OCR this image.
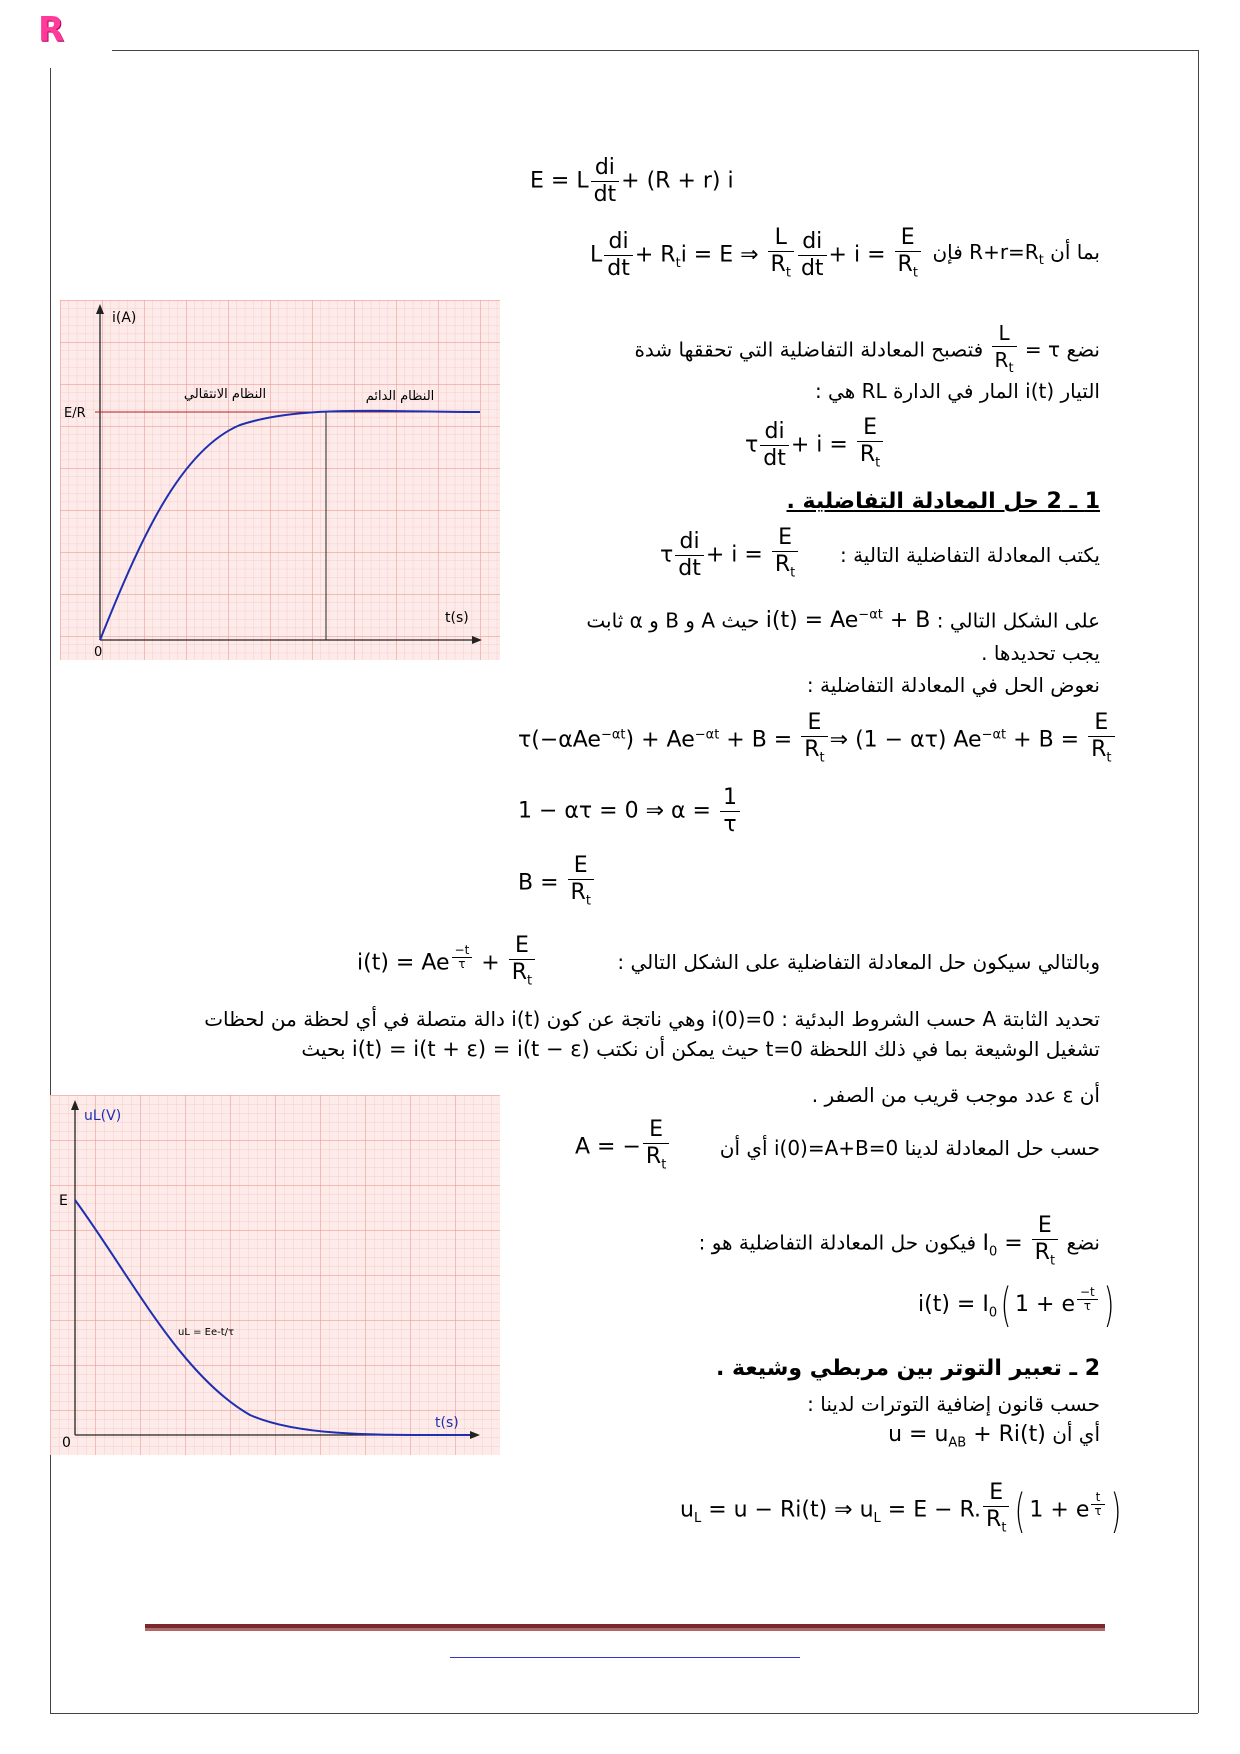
R
E = L $\frac{di}{dt} + (R + r)$ i
بما أن $R+r=R_t$ فإن
L $\frac{di}{dt} + R_ti = E$ ⇒ $\frac{L}{R_t} \frac{di}{dt} + i = \frac{E}{R_t}$
نضع τ =
$\frac{L}{R_t}$
فتصبح المعادلة التفاضلية التي تحققها شدة
التيار i(t) المار في الدارة RL هي :
τ $\frac{di}{dt} + i = \frac{E}{R_t}$
1 ـ 2 حل المعادلة التفاضلية .
يكتب المعادلة التفاضلية التالية :
τ $\frac{di}{dt} + i = \frac{E}{R_t}$
على الشكل التالي : $i(t) = Ae^{-\alpha t} + B$ حيث A و B و α ثابت
يجب تحديدها .
نعوض الحل في المعادلة التفاضلية :
$\tau(-\alpha Ae^{-\alpha t}) + Ae^{-\alpha t} + B = \frac{E}{R_t}$ ⇒ (1 − ατ) $Ae^{-\alpha t} + B = \frac{E}{R_t}$
1 − ατ = 0 ⇒ $\alpha = \frac{1}{\tau}$
$B = \frac{E}{R_t}$
وبالتالي سيكون حل المعادلة التفاضلية على الشكل التالي :
i(t) = Ae $^{\frac{-t}{\tau}} + \frac{E}{R_t}$
تحديد الثابتة A حسب الشروط البدئية : i(0)=0 وهي ناتجة عن كون i(t) دالة متصلة في أي لحظة من لحظات تشغيل الوشيعة بما في ذلك اللحظة t=0 حيث يمكن أن نكتب i(t) = i(t + ε) = i(t − ε) بحيث
أن ε عدد موجب قريب من الصفر .
حسب حل المعادلة لدينا i(0)=A+B=0 أي أن
A = − $\frac{E}{R_t}$
نضع $I_0 = \frac{E}{R_t}$
فيكون حل المعادلة التفاضلية هو :
$i(t) = I_0$( 1 + e $^{\frac{-t}{\tau}}$ )
2 ـ تعبير التوتر بين مربطي وشيعة .
حسب قانون إضافية التوترات لدينا :
أي أن $u = u_{AB} + Ri(t)$
$u_L = u - Ri(t)$ ⇒ $u_L = E - R$. $\frac{E}{R_t}$ ( 1 + e $^{\frac{t}{\tau}}$ )
i(A)
t(s)
0
E/R
النظام الانتقالي	النظام الدائم
uL(V)
t(s)
0
E
uL = Ee-t/τ
